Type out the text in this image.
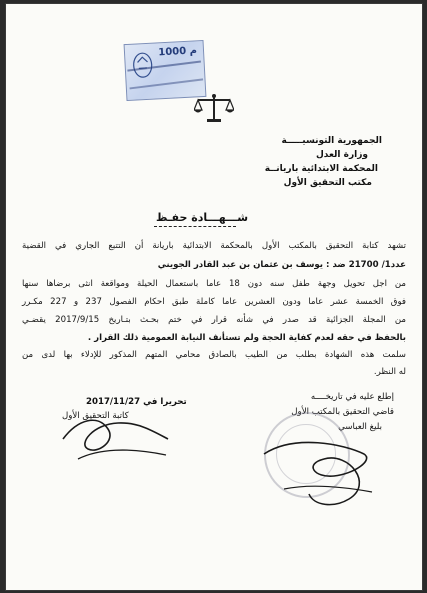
1000 م
الجمهورية التونسيـــــة
وزارة العدل
المحكمة الابتدائية باريانــة
مكتب التحقيق الأول
شـــهـــادة حفـظ
تشهد كتابة التحقيق بالمكتب الأول بالمحكمة الابتدائية باريانة أن التتبع الجاري في القضية
عدد1/ 21700 ضد : يوسف بن عثمان بن عبد القادر الجويني
من اجل تحويل وجهة طفل سنه دون 18 عاما باستعمال الحيلة ومواقعة انثى برضاها سنها
فوق الخمسة عشر عاما ودون العشرين عاما كاملة طبق احكام الفصول 237 و 227 مكـرر
من المجلة الجزائية قد صدر في شأنه قرار في ختم بحـث بتـاريخ 2017/9/15 يقضـي
بالحفظ في حقه لعدم كفاية الحجة ولم تستأنف النيابة العمومية ذلك القرار .
سلمت هذه الشهادة بطلب من الطيب بالصادق محامي المتهم المذكور للإدلاء بها لدى من
له النظر.
تحريرا في 2017/11/27
كاتبة التحقيق الأول
إطلع عليه في تاريخــــه
قاضي التحقيق بالمكتب الأول
بليغ العباسي
